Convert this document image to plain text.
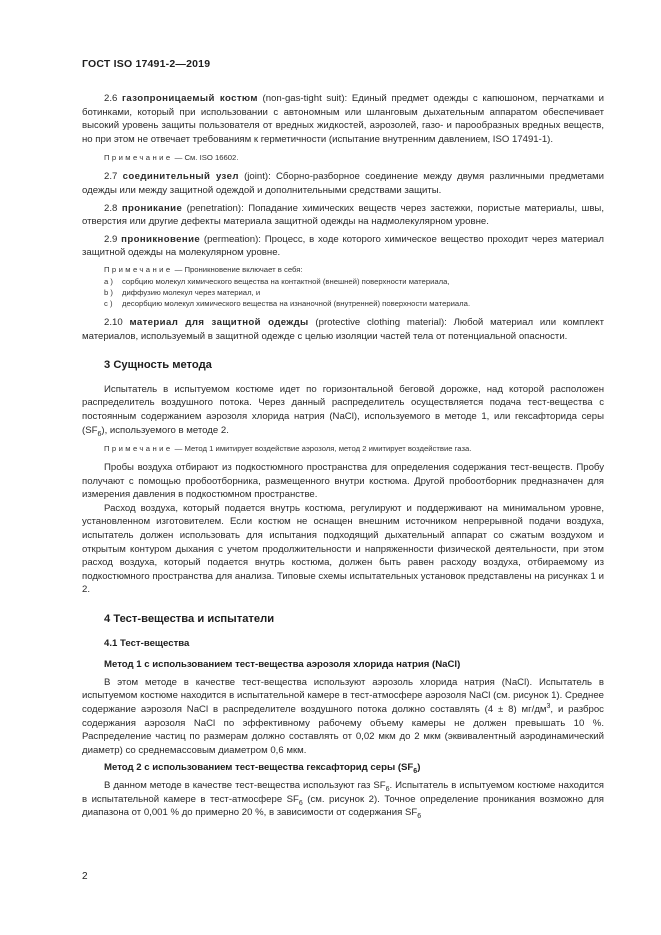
ГОСТ ISO 17491-2—2019

2.6 газопроницаемый костюм (non-gas-tight suit): Единый предмет одежды с капюшоном, перчатками и ботинками, который при использовании с автономным или шланговым дыхательным аппаратом обеспечивает высокий уровень защиты пользователя от вредных жидкостей, аэрозолей, газо- и парообразных вредных веществ, но при этом не отвечает требованиям к герметичности (испытание внутренним давлением, ISO 17491-1).

Примечание — См. ISO 16602.

2.7 соединительный узел (joint): Сборно-разборное соединение между двумя различными предметами одежды или между защитной одеждой и дополнительными средствами защиты.

2.8 проникание (penetration): Попадание химических веществ через застежки, пористые материалы, швы, отверстия или другие дефекты материала защитной одежды на надмолекулярном уровне.

2.9 проникновение (permeation): Процесс, в ходе которого химическое вещество проходит через материал защитной одежды на молекулярном уровне.

Примечание — Проникновение включает в себя:
a )	сорбцию молекул химического вещества на контактной (внешней) поверхности материала,
b )	диффузию молекул через материал, и
c )	десорбцию молекул химического вещества на изнаночной (внутренней) поверхности материала.

2.10 материал для защитной одежды (protective clothing material): Любой материал или комплект материалов, используемый в защитной одежде с целью изоляции частей тела от потенциальной опасности.

3 Сущность метода

Испытатель в испытуемом костюме идет по горизонтальной беговой дорожке, над которой расположен распределитель воздушного потока. Через данный распределитель осуществляется подача тест-вещества с постоянным содержанием аэрозоля хлорида натрия (NaCl), используемого в методе 1, или гексафторида серы $(SF_6)$, используемого в методе 2.

Примечание — Метод 1 имитирует воздействие аэрозоля, метод 2 имитирует воздействие газа.

Пробы воздуха отбирают из подкостюмного пространства для определения содержания тест-веществ. Пробу получают с помощью пробоотборника, размещенного внутри костюма. Другой пробоотборник предназначен для измерения давления в подкостюмном пространстве.

Расход воздуха, который подается внутрь костюма, регулируют и поддерживают на минимальном уровне, установленном изготовителем. Если костюм не оснащен внешним источником непрерывной подачи воздуха, испытатель должен использовать для испытания подходящий дыхательный аппарат со сжатым воздухом и открытым контуром дыхания с учетом продолжительности и напряженности физической деятельности, при этом расход воздуха, который подается внутрь костюма, должен быть равен расходу воздуха, отбираемому из подкостюмного пространства для анализа. Типовые схемы испытательных установок представлены на рисунках 1 и 2.

4 Тест-вещества и испытатели
4.1 Тест-вещества
Метод 1 с использованием тест-вещества аэрозоля хлорида натрия (NaCl)

В этом методе в качестве тест-вещества используют аэрозоль хлорида натрия (NaCl). Испытатель в испытуемом костюме находится в испытательной камере в тест-атмосфере аэрозоля NaCl (см. рисунок 1). Среднее содержание аэрозоля NaCl в распределителе воздушного потока должно составлять (4 ± 8) $мг/дм^3$, и разброс содержания аэрозоля NaCl по эффективному рабочему объему камеры не должен превышать 10 %. Распределение частиц по размерам должно составлять от 0,02 мкм до 2 мкм (эквивалентный аэродинамический диаметр) со среднемассовым диаметром 0,6 мкм.

Метод 2 с использованием тест-вещества гексафторид серы $(SF_6)$

В данном методе в качестве тест-вещества используют газ $SF_6$. Испытатель в испытуемом костюме находится в испытательной камере в тест-атмосфере $SF_6$ (см. рисунок 2). Точное определение проникания возможно для диапазона от 0,001 % до примерно 20 %, в зависимости от содержания $SF_6$

2
